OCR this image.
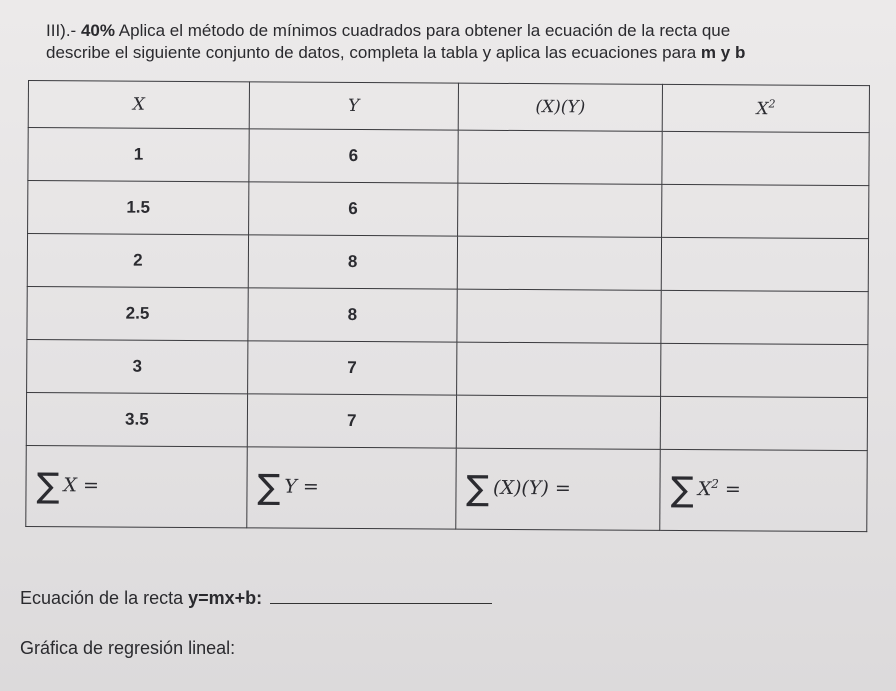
III).- 40% Aplica el método de mínimos cuadrados para obtener la ecuación de la recta que
describe el siguiente conjunto de datos, completa la tabla y aplica las ecuaciones para m y b
X	Y	(X)(Y)	$X^2$
1	6		
1.5	6		
2	8		
2.5	8		
3	7		
3.5	7		
∑ X =	∑ Y =	∑ (X)(Y) =	∑ $X^2$ =
Ecuación de la recta y=mx+b:
Gráfica de regresión lineal:
